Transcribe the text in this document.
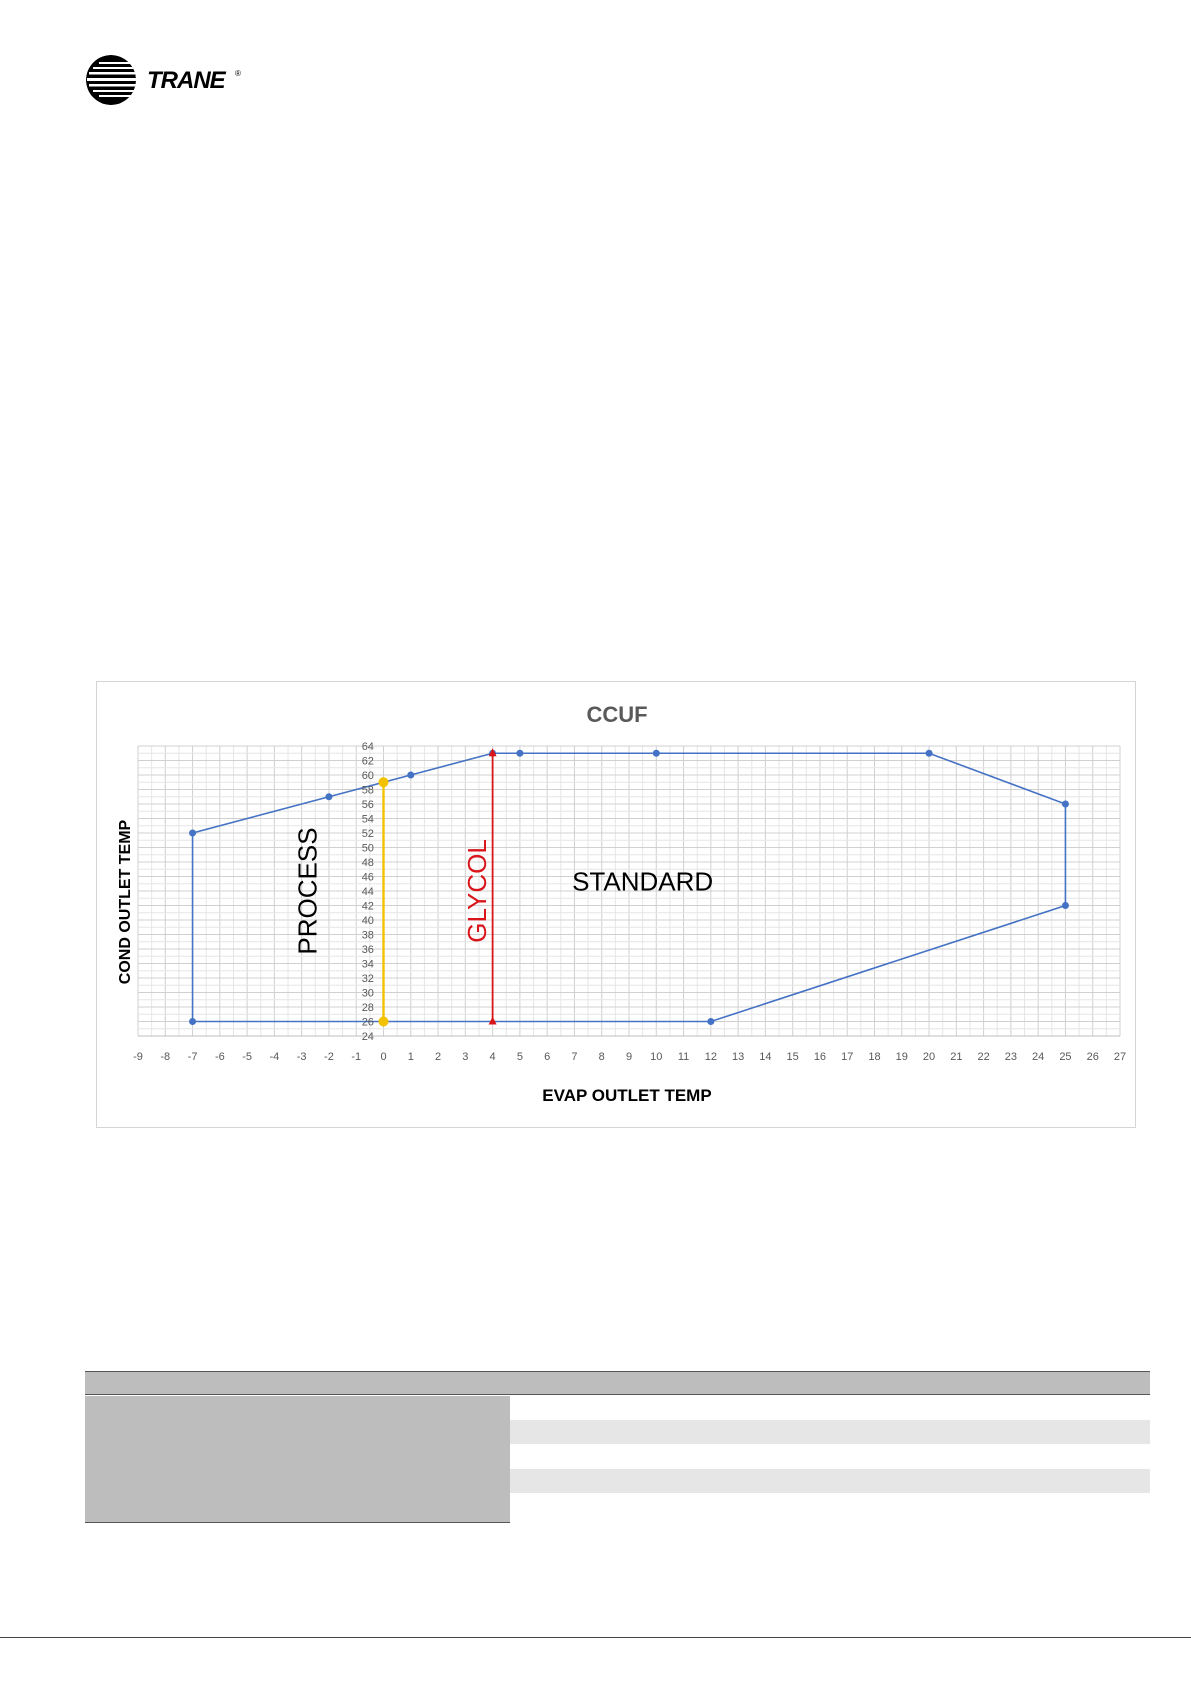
TRANE ®
CCUF
-9 -8 -7 -6 -5 -4 -3 -2 -1 0 1 2 3 4 5 6 7 8 9 10 11 12 13 14 15 16 17 18 19 20 21 22 23 24 25 26 27
24
26
28
30
32
34
36
38
40
42
44
46
48
50
52
54
56
58
60
62
64
PROCESS	GLYCOL	STANDARD
EVAP OUTLET TEMP
COND OUTLET TEMP
